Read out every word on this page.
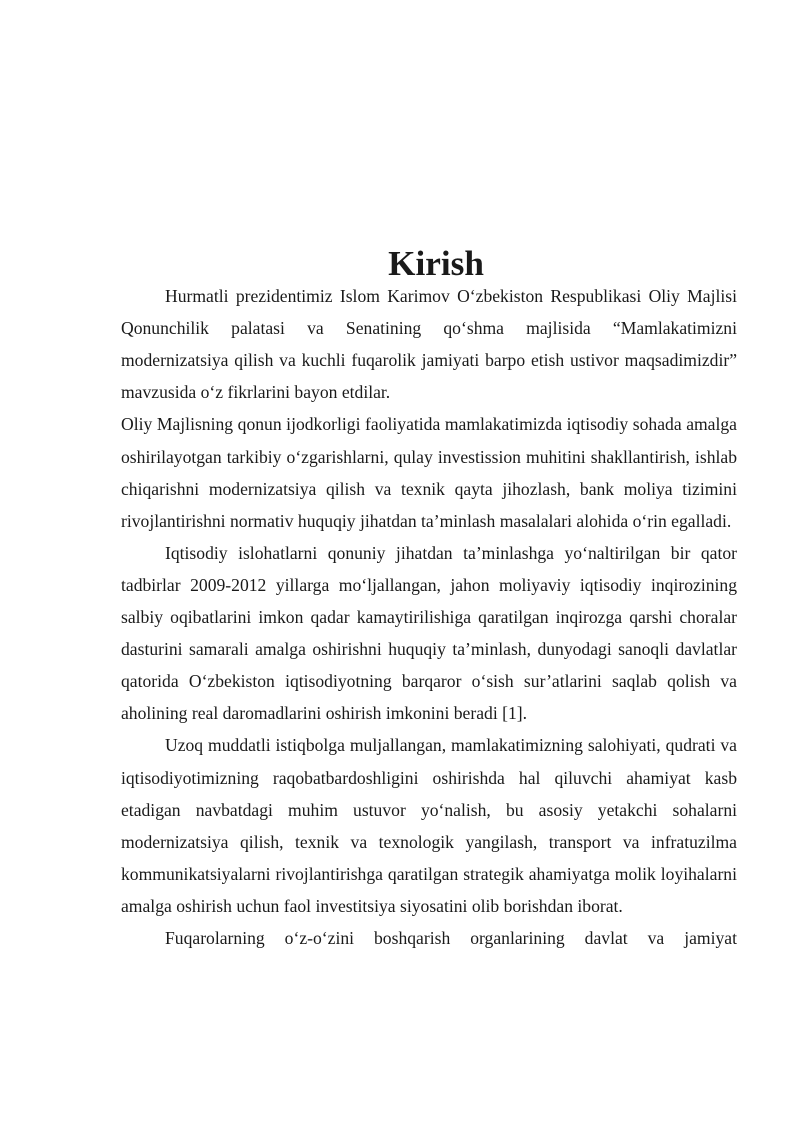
Kirish

Hurmatli prezidentimiz Islom Karimov O‘zbekiston Respublikasi Oliy Majlisi Qonunchilik palatasi va Senatining qo‘shma majlisida “Mamlakatimizni modernizatsiya qilish va kuchli fuqarolik jamiyati barpo etish ustivor maqsadimizdir” mavzusida o‘z fikrlarini bayon etdilar.

Oliy Majlisning qonun ijodkorligi faoliyatida mamlakatimizda iqtisodiy sohada amalga oshirilayotgan tarkibiy o‘zgarishlarni, qulay investission muhitini shakllantirish, ishlab chiqarishni modernizatsiya qilish va texnik qayta jihozlash, bank moliya tizimini rivojlantirishni normativ huquqiy jihatdan ta’minlash masalalari alohida o‘rin egalladi.

Iqtisodiy islohatlarni qonuniy jihatdan ta’minlashga yo‘naltirilgan bir qator tadbirlar 2009-2012 yillarga mo‘ljallangan, jahon moliyaviy iqtisodiy inqirozining salbiy oqibatlarini imkon qadar kamaytirilishiga qaratilgan inqirozga qarshi choralar dasturini samarali amalga oshirishni huquqiy ta’minlash, dunyodagi sanoqli davlatlar qatorida O‘zbekiston iqtisodiyotning barqaror o‘sish sur’atlarini saqlab qolish va aholining real daromadlarini oshirish imkonini beradi [1].

Uzoq muddatli istiqbolga muljallangan, mamlakatimizning salohiyati, qudrati va iqtisodiyotimizning raqobatbardoshligini oshirishda hal qiluvchi ahamiyat kasb etadigan navbatdagi muhim ustuvor yo‘nalish, bu asosiy yetakchi sohalarni modernizatsiya qilish, texnik va texnologik yangilash, transport va infratuzilma kommunikatsiyalarni rivojlantirishga qaratilgan strategik ahamiyatga molik loyihalarni amalga oshirish uchun faol investitsiya siyosatini olib borishdan iborat.

Fuqarolarning o‘z-o‘zini boshqarish organlarining davlat va jamiyat
